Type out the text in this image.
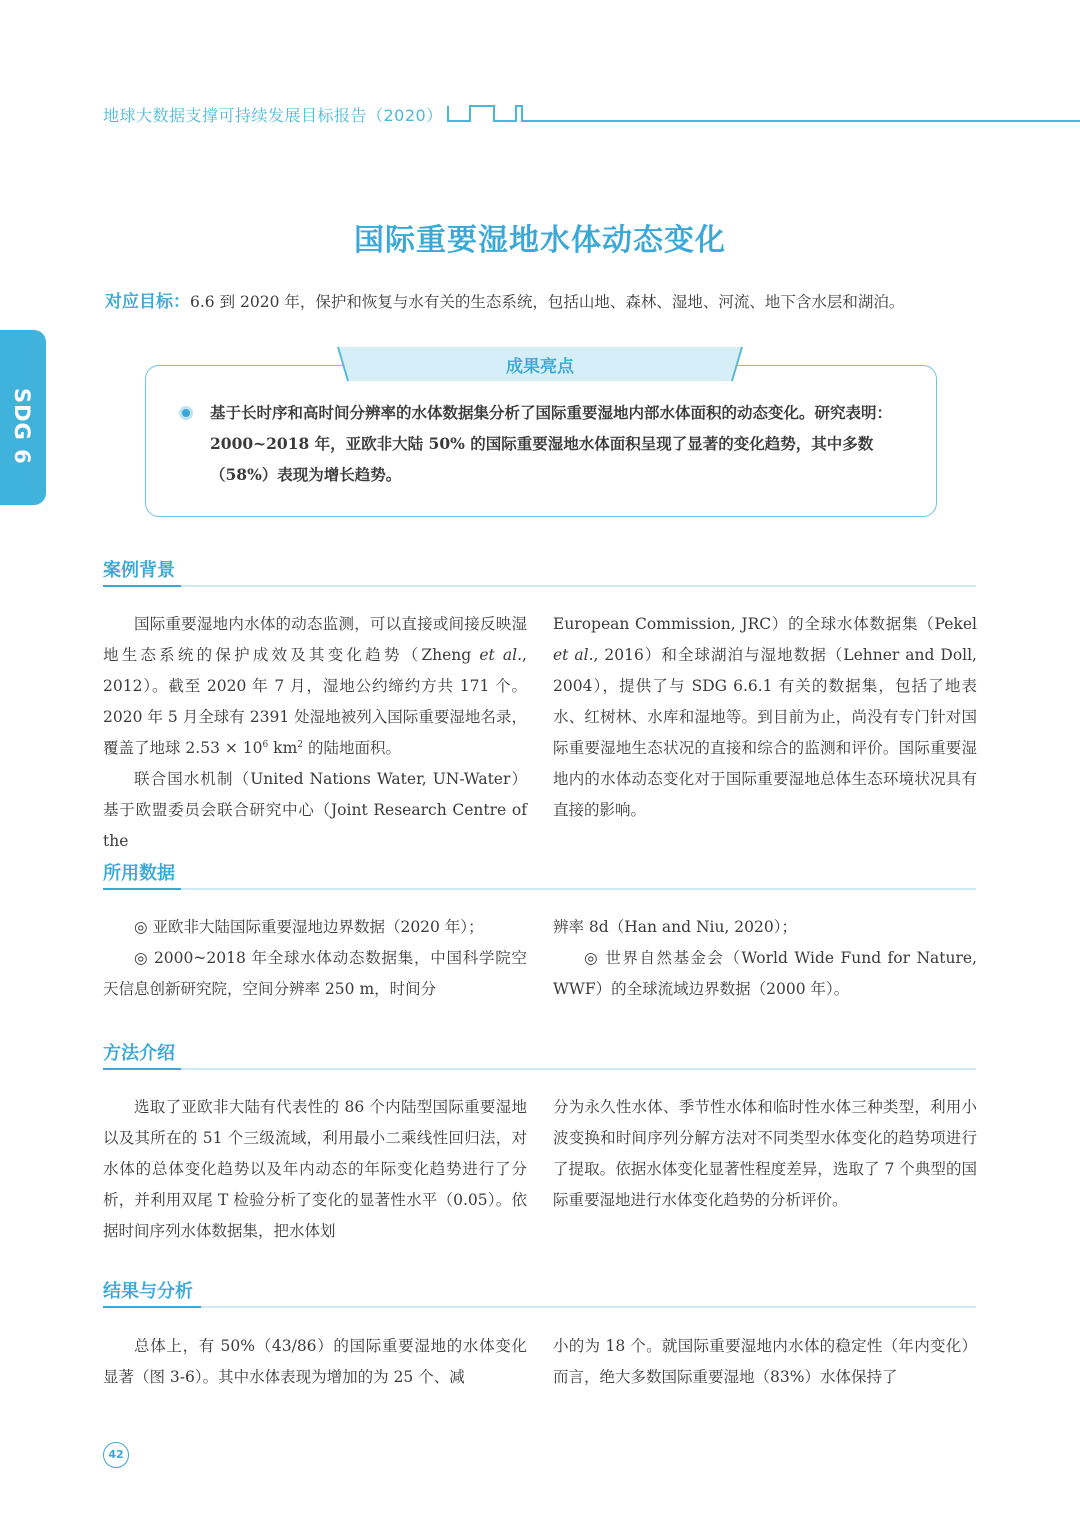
地球大数据支撑可持续发展目标报告（2020）
SDG 6
国际重要湿地水体动态变化
对应目标：6.6 到 2020 年，保护和恢复与水有关的生态系统，包括山地、森林、湿地、河流、地下含水层和湖泊。
成果亮点
基于长时序和高时间分辨率的水体数据集分析了国际重要湿地内部水体面积的动态变化。研究表明：2000~2018 年，亚欧非大陆 50% 的国际重要湿地水体面积呈现了显著的变化趋势，其中多数（58%）表现为增长趋势。
案例背景

国际重要湿地内水体的动态监测，可以直接或间接反映湿地生态系统的保护成效及其变化趋势（Zheng et al., 2012）。截至 2020 年 7 月，湿地公约缔约方共 171 个。2020 年 5 月全球有 2391 处湿地被列入国际重要湿地名录，覆盖了地球 $2.53 \times 10^6$ $km^2$ 的陆地面积。

联合国水机制（United Nations Water, UN-Water）基于欧盟委员会联合研究中心（Joint Research Centre of the

European Commission, JRC）的全球水体数据集（Pekel et al., 2016）和全球湖泊与湿地数据（Lehner and Doll, 2004），提供了与 SDG 6.6.1 有关的数据集，包括了地表水、红树林、水库和湿地等。到目前为止，尚没有专门针对国际重要湿地生态状况的直接和综合的监测和评价。国际重要湿地内的水体动态变化对于国际重要湿地总体生态环境状况具有直接的影响。

所用数据

◎ 亚欧非大陆国际重要湿地边界数据（2020 年）；

◎ 2000~2018 年全球水体动态数据集，中国科学院空天信息创新研究院，空间分辨率 250 m，时间分

辨率 8d（Han and Niu, 2020）；

◎ 世界自然基金会（World Wide Fund for Nature, WWF）的全球流域边界数据（2000 年）。

方法介绍

选取了亚欧非大陆有代表性的 86 个内陆型国际重要湿地以及其所在的 51 个三级流域，利用最小二乘线性回归法，对水体的总体变化趋势以及年内动态的年际变化趋势进行了分析，并利用双尾 T 检验分析了变化的显著性水平（0.05）。依据时间序列水体数据集，把水体划

分为永久性水体、季节性水体和临时性水体三种类型，利用小波变换和时间序列分解方法对不同类型水体变化的趋势项进行了提取。依据水体变化显著性程度差异，选取了 7 个典型的国际重要湿地进行水体变化趋势的分析评价。

结果与分析

总体上，有 50%（43/86）的国际重要湿地的水体变化显著（图 3-6）。其中水体表现为增加的为 25 个、减

小的为 18 个。就国际重要湿地内水体的稳定性（年内变化）而言，绝大多数国际重要湿地（83%）水体保持了

42
